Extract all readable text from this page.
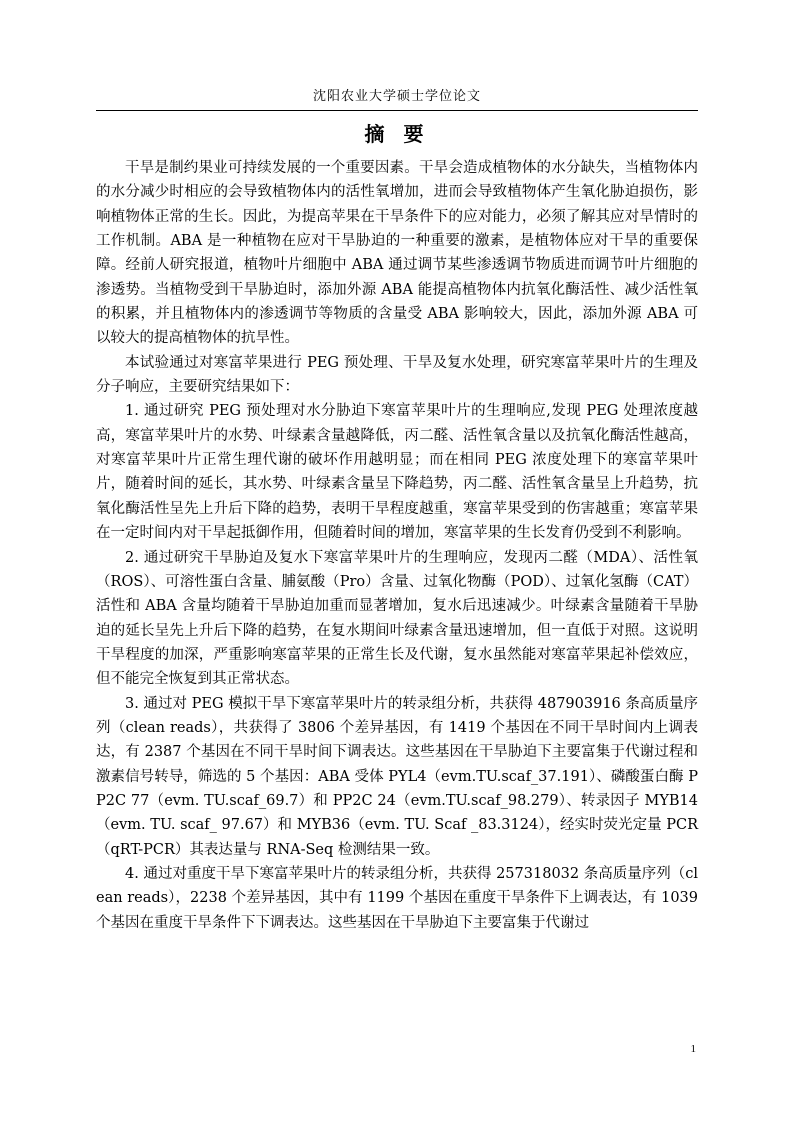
沈阳农业大学硕士学位论文
摘 要

干旱是制约果业可持续发展的一个重要因素。干旱会造成植物体的水分缺失，当植物体内的水分减少时相应的会导致植物体内的活性氧增加，进而会导致植物体产生氧化胁迫损伤，影响植物体正常的生长。因此，为提高苹果在干旱条件下的应对能力，必须了解其应对旱情时的工作机制。ABA 是一种植物在应对干旱胁迫的一种重要的激素，是植物体应对干旱的重要保障。经前人研究报道，植物叶片细胞中 ABA 通过调节某些渗透调节物质进而调节叶片细胞的渗透势。当植物受到干旱胁迫时，添加外源 ABA 能提高植物体内抗氧化酶活性、减少活性氧的积累，并且植物体内的渗透调节等物质的含量受 ABA 影响较大，因此，添加外源 ABA 可以较大的提高植物体的抗旱性。

本试验通过对寒富苹果进行 PEG 预处理、干旱及复水处理，研究寒富苹果叶片的生理及分子响应，主要研究结果如下：

1. 通过研究 PEG 预处理对水分胁迫下寒富苹果叶片的生理响应,发现 PEG 处理浓度越高，寒富苹果叶片的水势、叶绿素含量越降低，丙二醛、活性氧含量以及抗氧化酶活性越高，对寒富苹果叶片正常生理代谢的破坏作用越明显；而在相同 PEG 浓度处理下的寒富苹果叶片，随着时间的延长，其水势、叶绿素含量呈下降趋势，丙二醛、活性氧含量呈上升趋势，抗氧化酶活性呈先上升后下降的趋势，表明干旱程度越重，寒富苹果受到的伤害越重；寒富苹果在一定时间内对干旱起抵御作用，但随着时间的增加，寒富苹果的生长发育仍受到不利影响。

2. 通过研究干旱胁迫及复水下寒富苹果叶片的生理响应，发现丙二醛（MDA）、活性氧（ROS）、可溶性蛋白含量、脯氨酸（Pro）含量、过氧化物酶（POD）、过氧化氢酶（CAT）活性和 ABA 含量均随着干旱胁迫加重而显著增加，复水后迅速减少。叶绿素含量随着干旱胁迫的延长呈先上升后下降的趋势，在复水期间叶绿素含量迅速增加，但一直低于对照。这说明干旱程度的加深，严重影响寒富苹果的正常生长及代谢，复水虽然能对寒富苹果起补偿效应，但不能完全恢复到其正常状态。

3. 通过对 PEG 模拟干旱下寒富苹果叶片的转录组分析，共获得 487903916 条高质量序列（clean reads），共获得了 3806 个差异基因，有 1419 个基因在不同干旱时间内上调表达，有 2387 个基因在不同干旱时间下调表达。这些基因在干旱胁迫下主要富集于代谢过程和激素信号转导，筛选的 5 个基因：ABA 受体 PYL4（evm.TU.scaf_37.191）、磷酸蛋白酶 PP2C 77（evm. TU.scaf_69.7）和 PP2C 24（evm.TU.scaf_98.279）、转录因子 MYB14（evm. TU. scaf_ 97.67）和 MYB36（evm. TU. Scaf _83.3124），经实时荧光定量 PCR（qRT-PCR）其表达量与 RNA-Seq 检测结果一致。

4. 通过对重度干旱下寒富苹果叶片的转录组分析，共获得 257318032 条高质量序列（clean reads），2238 个差异基因，其中有 1199 个基因在重度干旱条件下上调表达，有 1039 个基因在重度干旱条件下下调表达。这些基因在干旱胁迫下主要富集于代谢过

1
